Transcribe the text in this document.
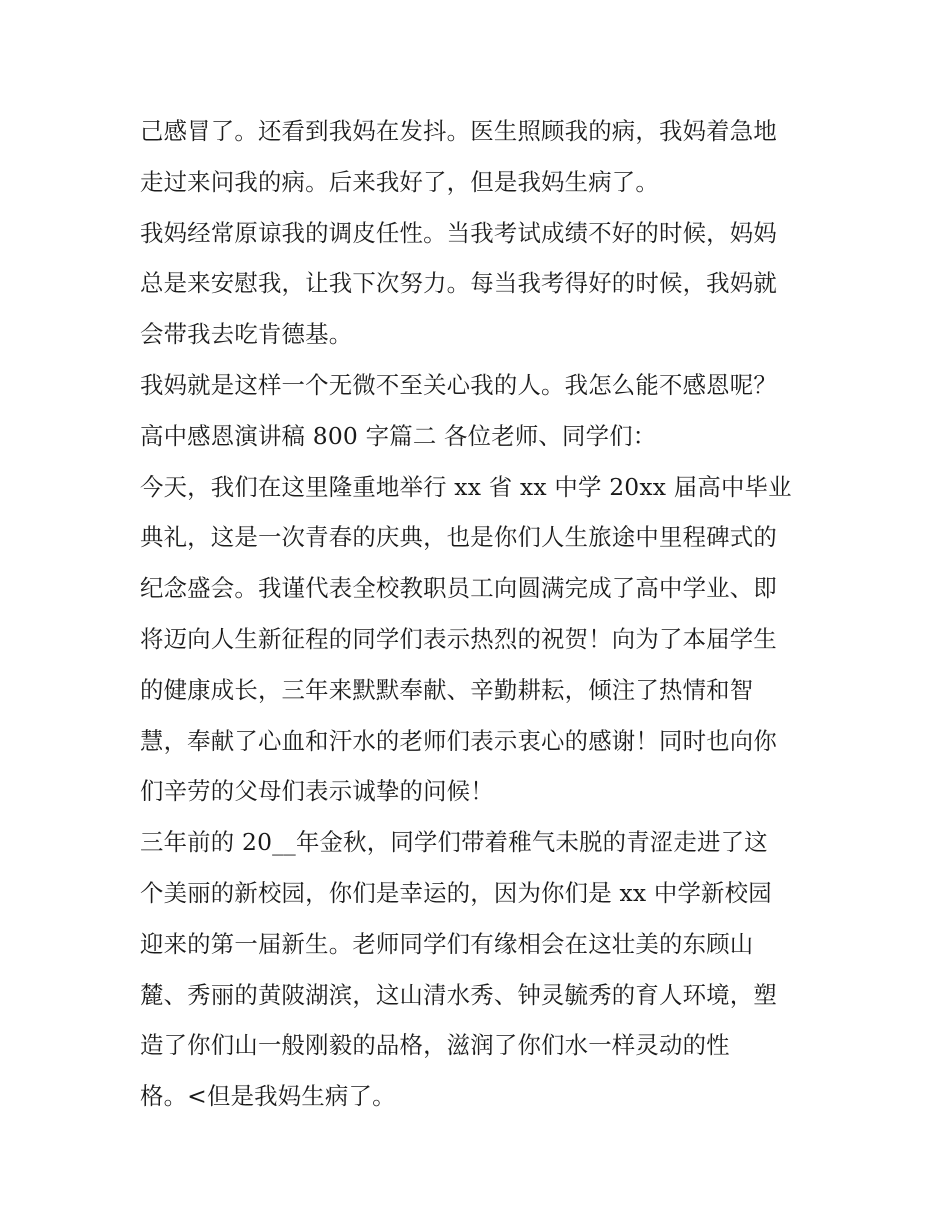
己感冒了。还看到我妈在发抖。医生照顾我的病，我妈着急地
走过来问我的病。后来我好了，但是我妈生病了。
我妈经常原谅我的调皮任性。当我考试成绩不好的时候，妈妈
总是来安慰我，让我下次努力。每当我考得好的时候，我妈就
会带我去吃肯德基。
我妈就是这样一个无微不至关心我的人。我怎么能不感恩呢？
高中感恩演讲稿 800 字篇二 各位老师、同学们：
今天，我们在这里隆重地举行 xx 省 xx 中学 20xx 届高中毕业
典礼，这是一次青春的庆典，也是你们人生旅途中里程碑式的
纪念盛会。我谨代表全校教职员工向圆满完成了高中学业、即
将迈向人生新征程的同学们表示热烈的祝贺！向为了本届学生
的健康成长，三年来默默奉献、辛勤耕耘，倾注了热情和智
慧，奉献了心血和汗水的老师们表示衷心的感谢！同时也向你
们辛劳的父母们表示诚挚的问候！
三年前的 20__年金秋，同学们带着稚气未脱的青涩走进了这
个美丽的新校园，你们是幸运的，因为你们是 xx 中学新校园
迎来的第一届新生。老师同学们有缘相会在这壮美的东顾山
麓、秀丽的黄陂湖滨，这山清水秀、钟灵毓秀的育人环境，塑
造了你们山一般刚毅的品格，滋润了你们水一样灵动的性
格。<但是我妈生病了。
